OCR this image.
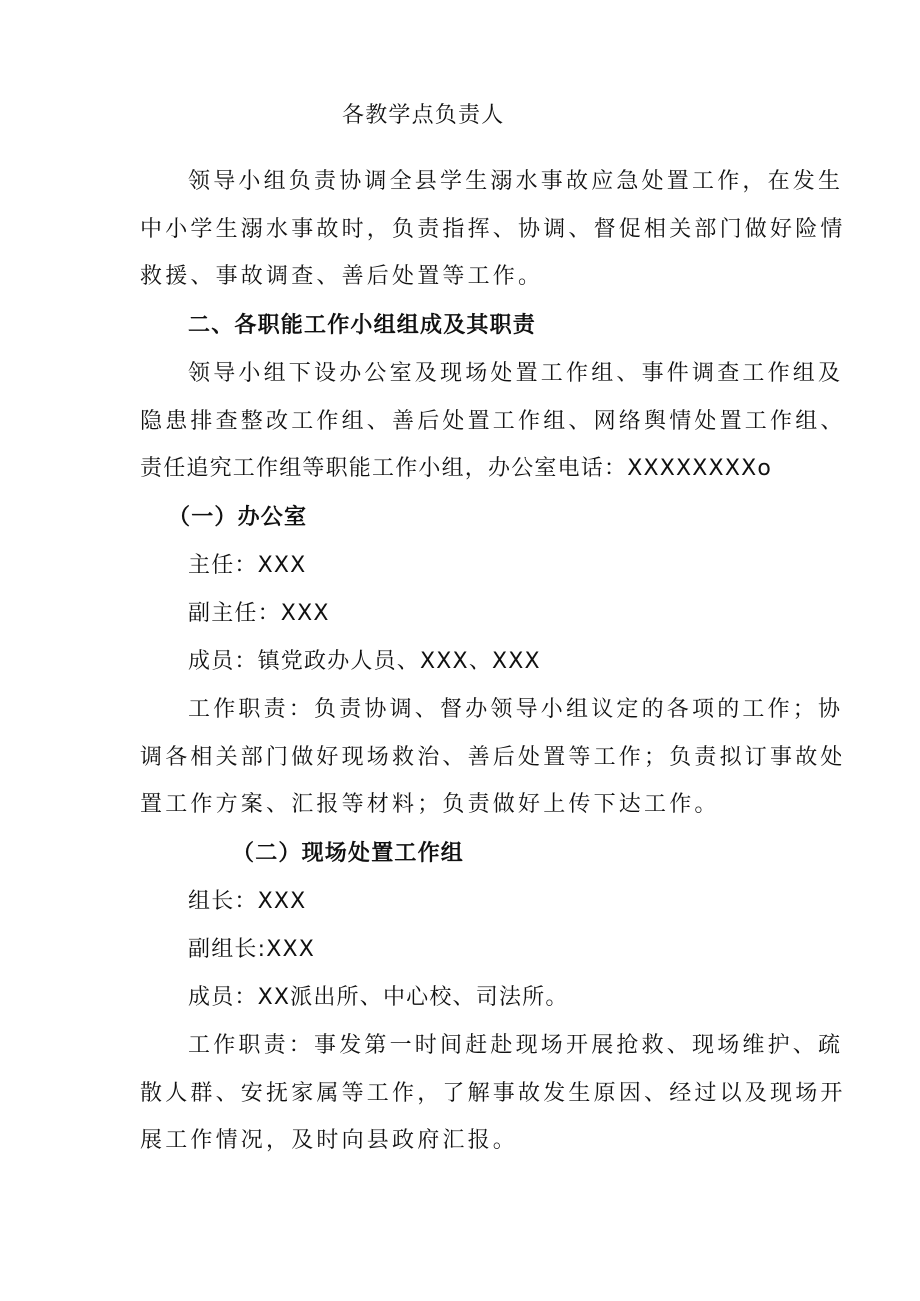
各教学点负责人
领导小组负责协调全县学生溺水事故应急处置工作，在发生
中小学生溺水事故时，负责指挥、协调、督促相关部门做好险情
救援、事故调查、善后处置等工作。
二、各职能工作小组组成及其职责
领导小组下设办公室及现场处置工作组、事件调查工作组及
隐患排查整改工作组、善后处置工作组、网络舆情处置工作组、
责任追究工作组等职能工作小组，办公室电话：XXXXXXXXo
（一）办公室
主任：XXX
副主任：XXX
成员：镇党政办人员、XXX、XXX
工作职责：负责协调、督办领导小组议定的各项的工作；协
调各相关部门做好现场救治、善后处置等工作；负责拟订事故处
置工作方案、汇报等材料；负责做好上传下达工作。
（二）现场处置工作组
组长：XXX
副组长:XXX
成员：XX派出所、中心校、司法所。
工作职责：事发第一时间赶赴现场开展抢救、现场维护、疏
散人群、安抚家属等工作，了解事故发生原因、经过以及现场开
展工作情况，及时向县政府汇报。
